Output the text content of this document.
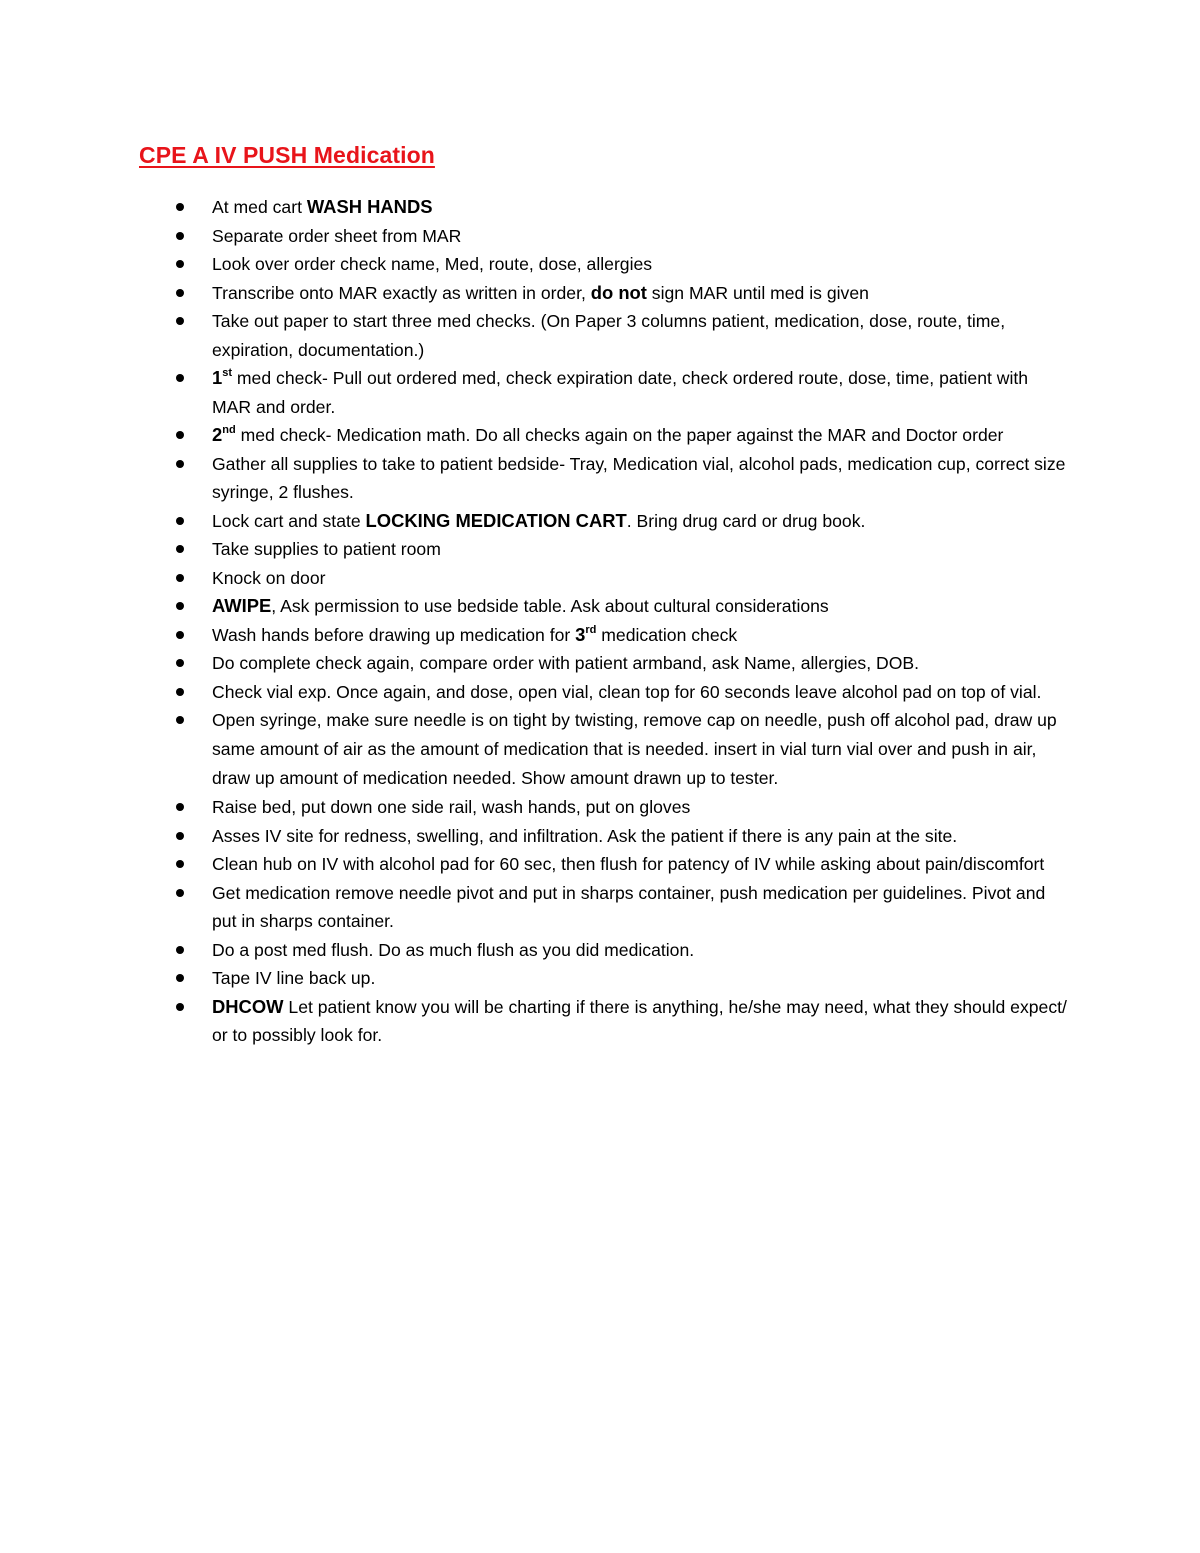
CPE A IV PUSH Medication
At med cart WASH HANDS
Separate order sheet from MAR
Look over order check name, Med, route, dose, allergies
Transcribe onto MAR exactly as written in order, do not sign MAR until med is given
Take out paper to start three med checks. (On Paper 3 columns patient, medication, dose, route, time, expiration, documentation.)
1st med check- Pull out ordered med, check expiration date, check ordered route, dose, time, patient with MAR and order.
2nd med check- Medication math. Do all checks again on the paper against the MAR and Doctor order
Gather all supplies to take to patient bedside- Tray, Medication vial, alcohol pads, medication cup, correct size syringe, 2 flushes.
Lock cart and state LOCKING MEDICATION CART. Bring drug card or drug book.
Take supplies to patient room
Knock on door
AWIPE, Ask permission to use bedside table. Ask about cultural considerations
Wash hands before drawing up medication for 3rd medication check
Do complete check again, compare order with patient armband, ask Name, allergies, DOB.
Check vial exp. Once again, and dose, open vial, clean top for 60 seconds leave alcohol pad on top of vial.
Open syringe, make sure needle is on tight by twisting, remove cap on needle, push off alcohol pad, draw up same amount of air as the amount of medication that is needed. insert in vial turn vial over and push in air, draw up amount of medication needed. Show amount drawn up to tester.
Raise bed, put down one side rail, wash hands, put on gloves
Asses IV site for redness, swelling, and infiltration. Ask the patient if there is any pain at the site.
Clean hub on IV with alcohol pad for 60 sec, then flush for patency of IV while asking about pain/discomfort
Get medication remove needle pivot and put in sharps container, push medication per guidelines. Pivot and put in sharps container.
Do a post med flush. Do as much flush as you did medication.
Tape IV line back up.
DHCOW Let patient know you will be charting if there is anything, he/she may need, what they should expect/ or to possibly look for.
